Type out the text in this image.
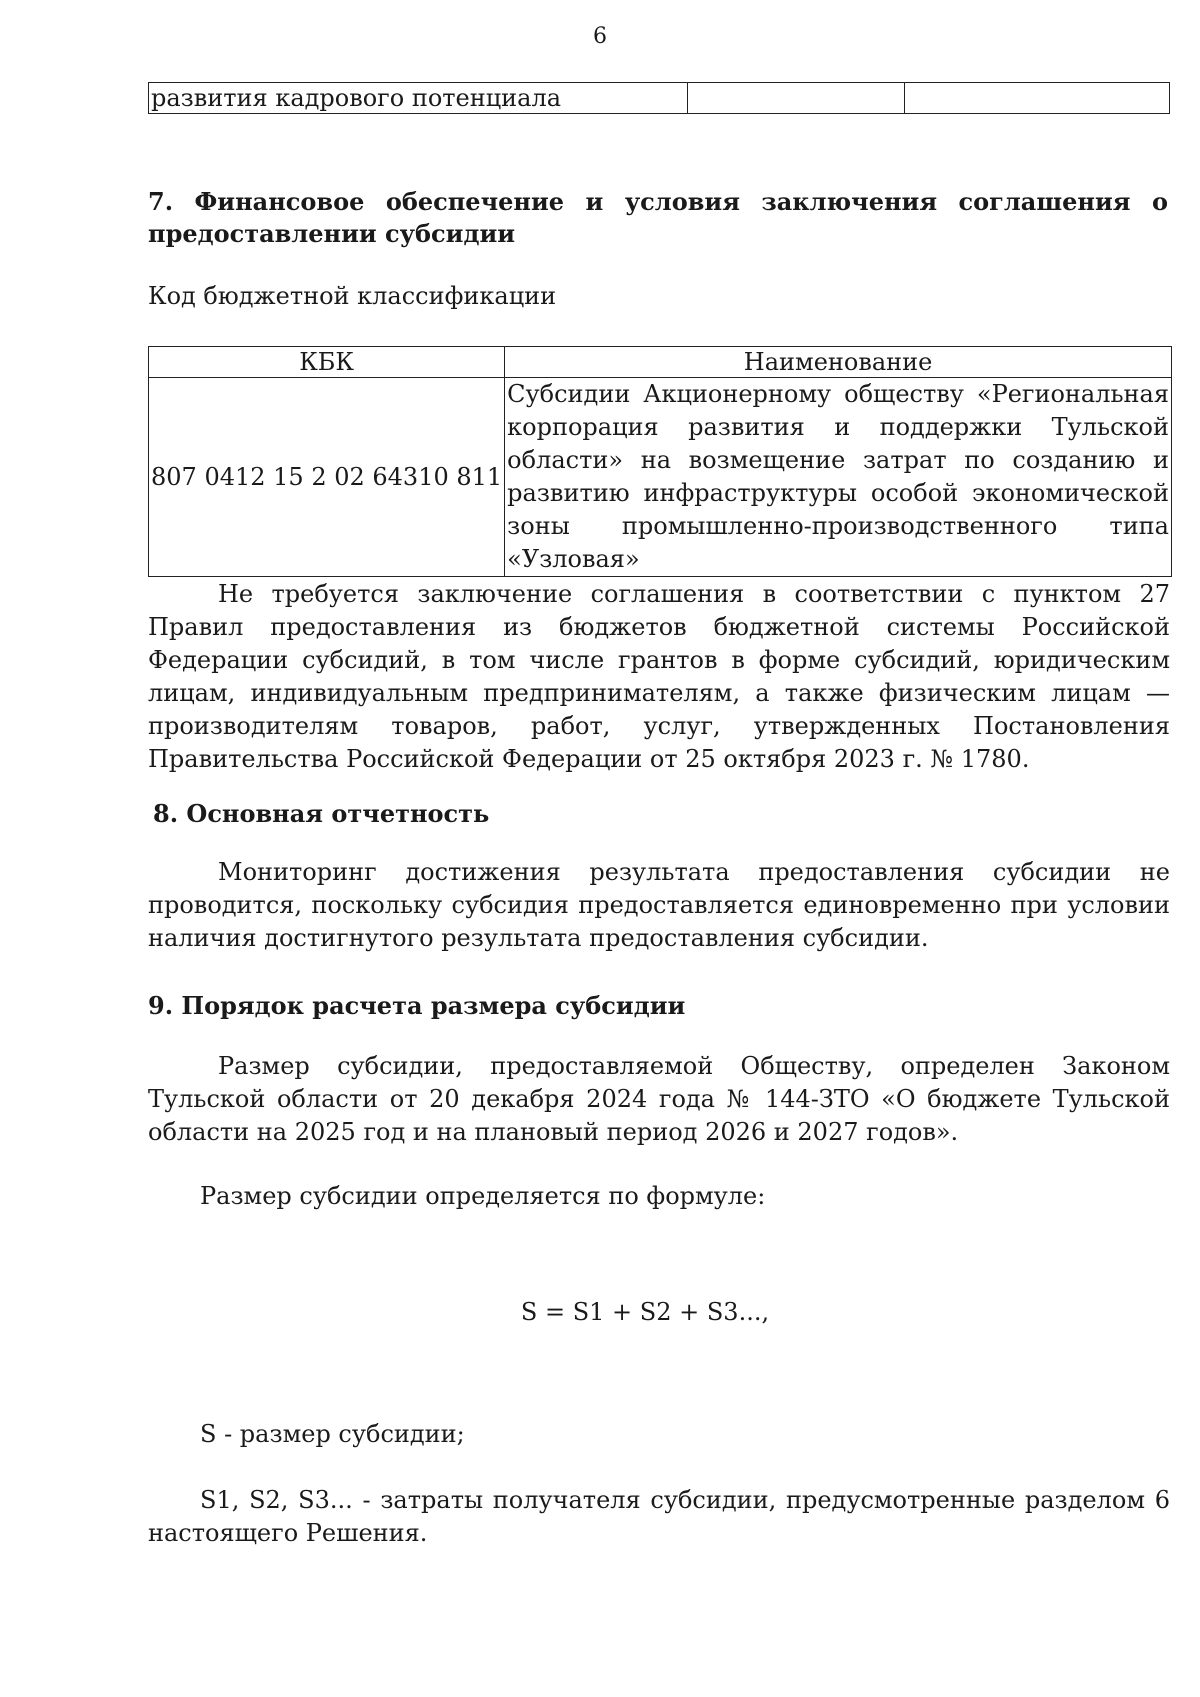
6
развития кадрового потенциала		
7. Финансовое обеспечение и условия заключения соглашения о
предоставлении субсидии

Код бюджетной классификации

КБК	Наименование
807 0412 15 2 02 64310 811	Субсидии Акционерному обществу «Региональная корпорация развития и поддержки Тульской области» на возмещение затрат по созданию и развитию инфраструктуры особой экономической зоны промышленно-производственного типа «Узловая»

Не требуется заключение соглашения в соответствии с пунктом 27 Правил предоставления из бюджетов бюджетной системы Российской Федерации субсидий, в том числе грантов в форме субсидий, юридическим лицам, индивидуальным предпринимателям, а также физическим лицам — производителям товаров, работ, услуг, утвержденных Постановления Правительства Российской Федерации от 25 октября 2023 г. № 1780.

8. Основная отчетность

Мониторинг достижения результата предоставления субсидии не проводится, поскольку субсидия предоставляется единовременно при условии наличия достигнутого результата предоставления субсидии.

9. Порядок расчета размера субсидии

Размер субсидии, предоставляемой Обществу, определен Законом Тульской области от 20 декабря 2024 года № 144-ЗТО «О бюджете Тульской области на 2025 год и на плановый период 2026 и 2027 годов».

Размер субсидии определяется по формуле:

S = S1 + S2 + S3...,

S - размер субсидии;

S1, S2, S3... - затраты получателя субсидии, предусмотренные разделом 6 настоящего Решения.
